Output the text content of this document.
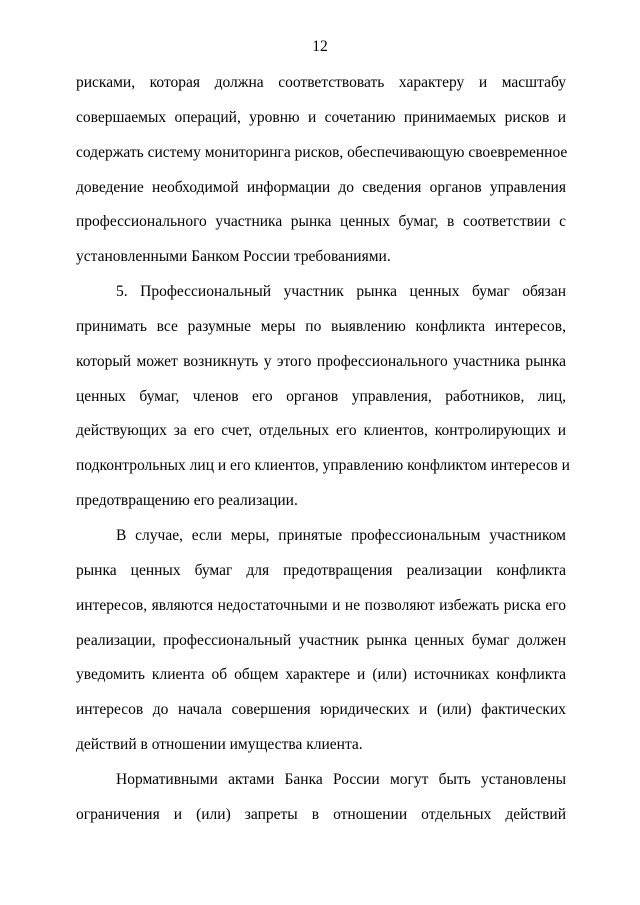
12
рисками, которая должна соответствовать характеру и масштабу
совершаемых операций, уровню и сочетанию принимаемых рисков и
содержать систему мониторинга рисков, обеспечивающую своевременное
доведение необходимой информации до сведения органов управления
профессионального участника рынка ценных бумаг, в соответствии с
установленными Банком России требованиями.
5. Профессиональный участник рынка ценных бумаг обязан
принимать все разумные меры по выявлению конфликта интересов,
который может возникнуть у этого профессионального участника рынка
ценных бумаг, членов его органов управления, работников, лиц,
действующих за его счет, отдельных его клиентов, контролирующих и
подконтрольных лиц и его клиентов, управлению конфликтом интересов и
предотвращению его реализации.
В случае, если меры, принятые профессиональным участником
рынка ценных бумаг для предотвращения реализации конфликта
интересов, являются недостаточными и не позволяют избежать риска его
реализации, профессиональный участник рынка ценных бумаг должен
уведомить клиента об общем характере и (или) источниках конфликта
интересов до начала совершения юридических и (или) фактических
действий в отношении имущества клиента.
Нормативными актами Банка России могут быть установлены
ограничения и (или) запреты в отношении отдельных действий
